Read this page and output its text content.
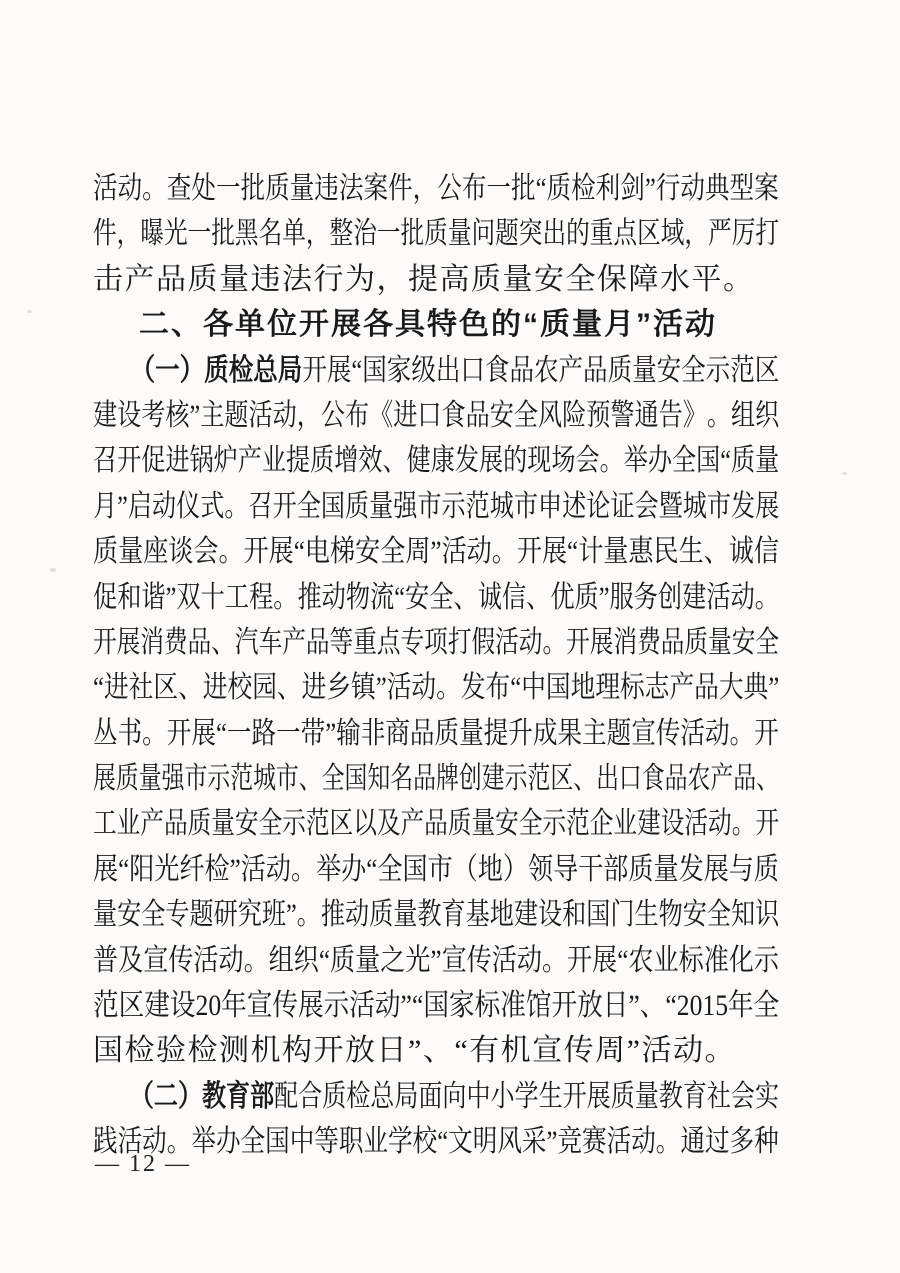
活 动 。 查 处 一 批 质 量 违 法 案 件 ， 公 布 一 批 “ 质 检 利 剑 ” 行 动 典 型 案
件 ， 曝 光 一 批 黑 名 单 ， 整 治 一 批 质 量 问 题 突 出 的 重 点 区 域 ， 严 厉 打
击 产 品 质 量 违 法 行 为 ， 提 高 质 量 安 全 保 障 水 平 。
二 、 各 单 位 开 展 各 具 特 色 的 “ 质 量 月 ” 活 动
（ 一 ） 质 检 总 局 开 展 “ 国 家 级 出 口 食 品 农 产 品 质 量 安 全 示 范 区
建 设 考 核 ” 主 题 活 动 ， 公 布 《 进 口 食 品 安 全 风 险 预 警 通 告 》 。 组 织
召 开 促 进 锅 炉 产 业 提 质 增 效 、 健 康 发 展 的 现 场 会 。 举 办 全 国 “ 质 量
月 ” 启 动 仪 式 。 召 开 全 国 质 量 强 市 示 范 城 市 申 述 论 证 会 暨 城 市 发 展
质 量 座 谈 会 。 开 展 “ 电 梯 安 全 周 ” 活 动 。 开 展 “ 计 量 惠 民 生 、 诚 信
促 和 谐 ” 双 十 工 程 。 推 动 物 流 “ 安 全 、 诚 信 、 优 质 ” 服 务 创 建 活 动 。
开 展 消 费 品 、 汽 车 产 品 等 重 点 专 项 打 假 活 动 。 开 展 消 费 品 质 量 安 全
“ 进 社 区 、 进 校 园 、 进 乡 镇 ” 活 动 。 发 布 “ 中 国 地 理 标 志 产 品 大 典 ”
丛 书 。 开 展 “ 一 路 一 带 ” 输 非 商 品 质 量 提 升 成 果 主 题 宣 传 活 动 。 开
展 质 量 强 市 示 范 城 市 、 全 国 知 名 品 牌 创 建 示 范 区 、 出 口 食 品 农 产 品 、
工 业 产 品 质 量 安 全 示 范 区 以 及 产 品 质 量 安 全 示 范 企 业 建 设 活 动 。 开
展 “ 阳 光 纤 检 ” 活 动 。 举 办 “ 全 国 市 （ 地 ） 领 导 干 部 质 量 发 展 与 质
量 安 全 专 题 研 究 班 ” 。 推 动 质 量 教 育 基 地 建 设 和 国 门 生 物 安 全 知 识
普 及 宣 传 活 动 。 组 织 “ 质 量 之 光 ” 宣 传 活 动 。 开 展 “ 农 业 标 准 化 示
范 区 建 设 20 年 宣 传 展 示 活 动 ” “ 国 家 标 准 馆 开 放 日 ” 、 “ 2015 年 全
国 检 验 检 测 机 构 开 放 日 ” 、 “ 有 机 宣 传 周 ” 活 动 。
（ 二 ） 教 育 部 配 合 质 检 总 局 面 向 中 小 学 生 开 展 质 量 教 育 社 会 实
践 活 动 。 举 办 全 国 中 等 职 业 学 校 “ 文 明 风 采 ” 竞 赛 活 动 。 通 过 多 种
— 12 —
